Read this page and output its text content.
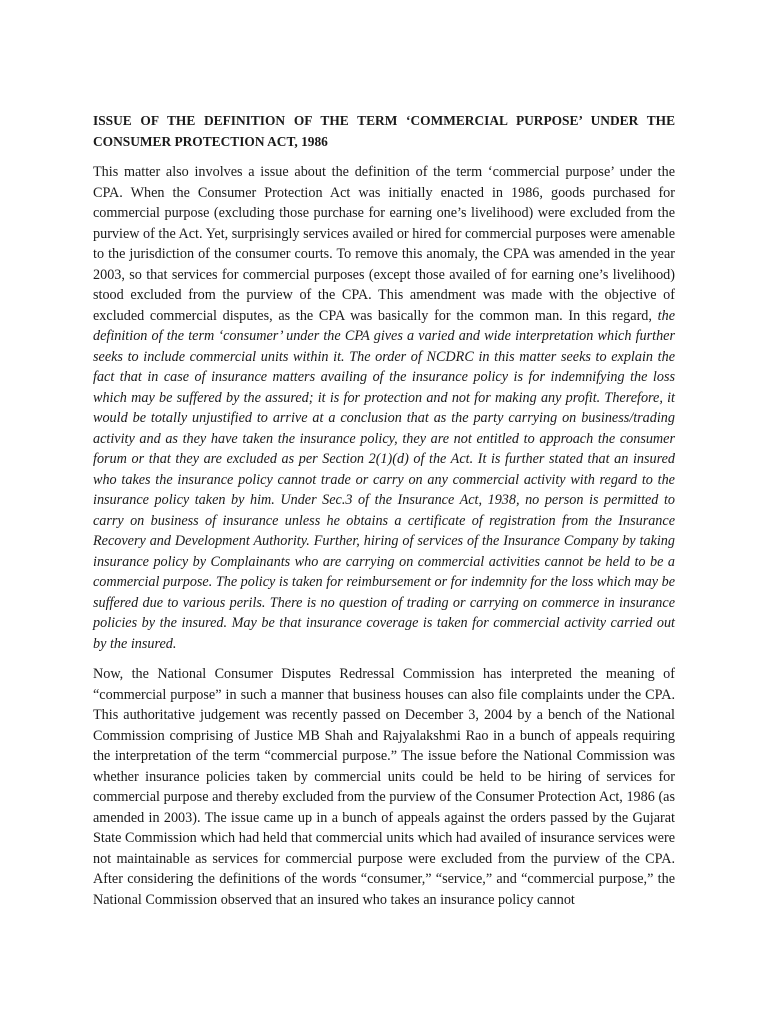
ISSUE OF THE DEFINITION OF THE TERM ‘COMMERCIAL PURPOSE’ UNDER THE CONSUMER PROTECTION ACT, 1986

This matter also involves a issue about the definition of the term ‘commercial purpose’ under the CPA. When the Consumer Protection Act was initially enacted in 1986, goods purchased for commercial purpose (excluding those purchase for earning one’s livelihood) were excluded from the purview of the Act. Yet, surprisingly services availed or hired for commercial purposes were amenable to the jurisdiction of the consumer courts. To remove this anomaly, the CPA was amended in the year 2003, so that services for commercial purposes (except those availed of for earning one’s livelihood) stood excluded from the purview of the CPA. This amendment was made with the objective of excluded commercial disputes, as the CPA was basically for the common man. In this regard, the definition of the term ‘consumer’ under the CPA gives a varied and wide interpretation which further seeks to include commercial units within it. The order of NCDRC in this matter seeks to explain the fact that in case of insurance matters availing of the insurance policy is for indemnifying the loss which may be suffered by the assured; it is for protection and not for making any profit. Therefore, it would be totally unjustified to arrive at a conclusion that as the party carrying on business/trading activity and as they have taken the insurance policy, they are not entitled to approach the consumer forum or that they are excluded as per Section 2(1)(d) of the Act. It is further stated that an insured who takes the insurance policy cannot trade or carry on any commercial activity with regard to the insurance policy taken by him. Under Sec.3 of the Insurance Act, 1938, no person is permitted to carry on business of insurance unless he obtains a certificate of registration from the Insurance Recovery and Development Authority. Further, hiring of services of the Insurance Company by taking insurance policy by Complainants who are carrying on commercial activities cannot be held to be a commercial purpose. The policy is taken for reimbursement or for indemnity for the loss which may be suffered due to various perils. There is no question of trading or carrying on commerce in insurance policies by the insured. May be that insurance coverage is taken for commercial activity carried out by the insured.

Now, the National Consumer Disputes Redressal Commission has interpreted the meaning of “commercial purpose” in such a manner that business houses can also file complaints under the CPA. This authoritative judgement was recently passed on December 3, 2004 by a bench of the National Commission comprising of Justice MB Shah and Rajyalakshmi Rao in a bunch of appeals requiring the interpretation of the term “commercial purpose.” The issue before the National Commission was whether insurance policies taken by commercial units could be held to be hiring of services for commercial purpose and thereby excluded from the purview of the Consumer Protection Act, 1986 (as amended in 2003). The issue came up in a bunch of appeals against the orders passed by the Gujarat State Commission which had held that commercial units which had availed of insurance services were not maintainable as services for commercial purpose were excluded from the purview of the CPA. After considering the definitions of the words “consumer,” “service,” and “commercial purpose,” the National Commission observed that an insured who takes an insurance policy cannot
